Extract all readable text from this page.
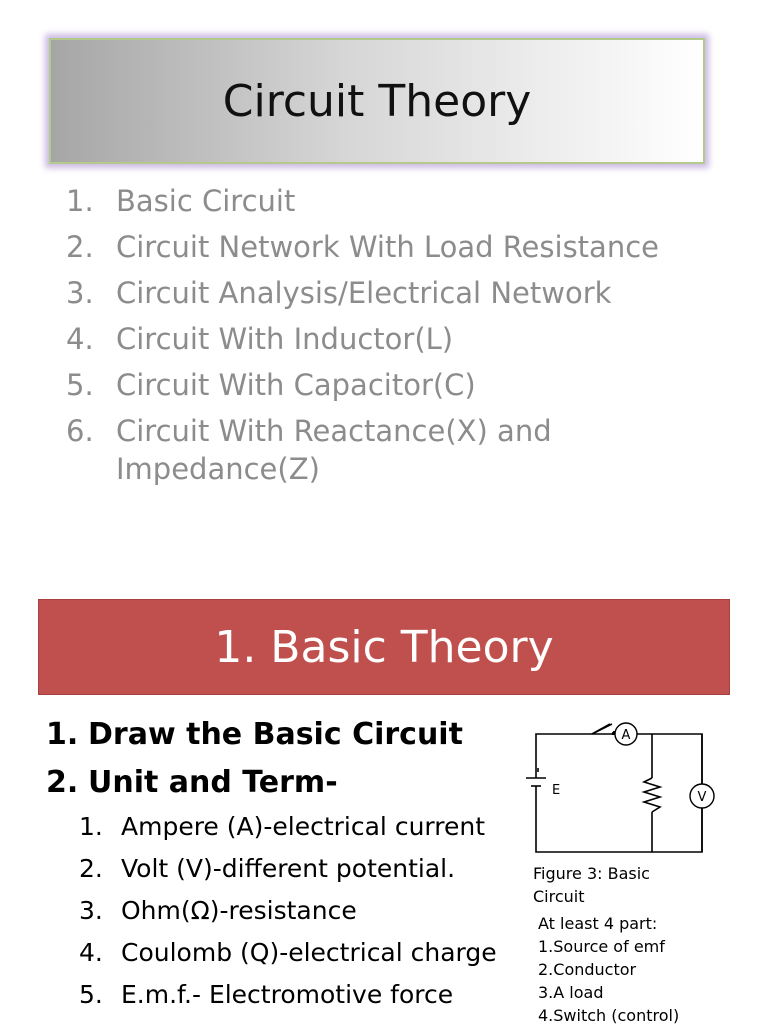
Circuit Theory
1. Basic Circuit
2. Circuit Network With Load Resistance
3. Circuit Analysis/Electrical Network
4. Circuit With Inductor(L)
5. Circuit With Capacitor(C)
6. Circuit With Reactance(X) and Impedance(Z)
1. Basic Theory
1. Draw the Basic Circuit
2. Unit and Term-
1. Ampere (A)-electrical current
2. Volt (V)-different potential.
3. Ohm(Ω)-resistance
4. Coulomb (Q)-electrical charge
5. E.m.f.- Electromotive force
A
V
E
Figure 3: Basic Circuit
At least 4 part:
1.Source of emf
2.Conductor
3.A load
4.Switch (control)
